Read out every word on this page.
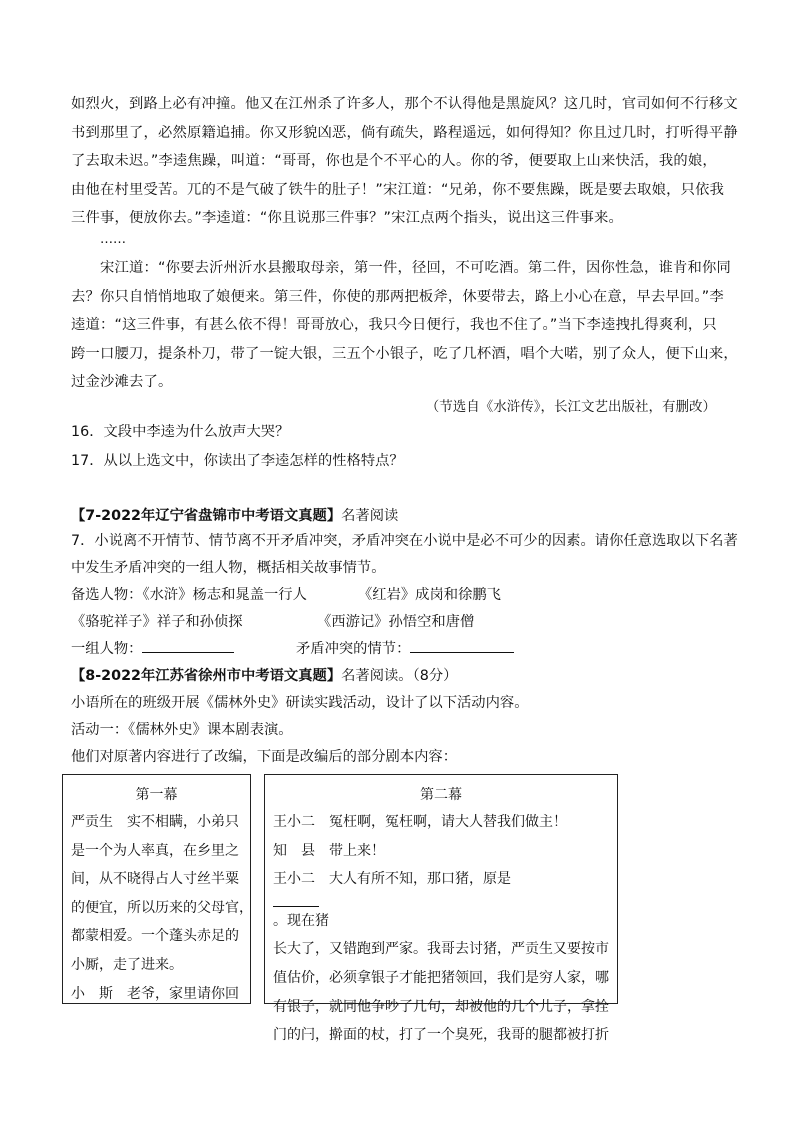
如烈火，到路上必有冲撞。他又在江州杀了许多人，那个不认得他是黑旋风？这几时，官司如何不行移文
书到那里了，必然原籍追捕。你又形貌凶恶，倘有疏失，路程遥远，如何得知？你且过几时，打听得平静
了去取未迟。”李逵焦躁，叫道：“哥哥，你也是个不平心的人。你的爷，便要取上山来快活，我的娘，
由他在村里受苦。兀的不是气破了铁牛的肚子！”宋江道：“兄弟，你不要焦躁，既是要去取娘，只依我
三件事，便放你去。”李逵道：“你且说那三件事？”宋江点两个指头，说出这三件事来。
……
宋江道：“你要去沂州沂水县搬取母亲，第一件，径回，不可吃酒。第二件，因你性急，谁肯和你同
去？你只自悄悄地取了娘便来。第三件，你使的那两把板斧，休要带去，路上小心在意，早去早回。”李
逵道：“这三件事，有甚么依不得！哥哥放心，我只今日便行，我也不住了。”当下李逵拽扎得爽利，只
跨一口腰刀，提条朴刀，带了一锭大银，三五个小银子，吃了几杯酒，唱个大喏，别了众人，便下山来，
过金沙滩去了。
（节选自《水浒传》，长江文艺出版社，有删改）
16．文段中李逵为什么放声大哭？
17．从以上选文中，你读出了李逵怎样的性格特点？
【7-2022年辽宁省盘锦市中考语文真题】名著阅读
7．小说离不开情节、情节离不开矛盾冲突，矛盾冲突在小说中是必不可少的因素。请你任意选取以下名著
中发生矛盾冲突的一组人物，概括相关故事情节。
备选人物：《水浒》杨志和晁盖一行人	《红岩》成岗和徐鹏飞
《骆驼祥子》祥子和孙侦探	《西游记》孙悟空和唐僧
一组人物：	矛盾冲突的情节：
【8-2022年江苏省徐州市中考语文真题】名著阅读。（8分）
小语所在的班级开展《儒林外史》研读实践活动，设计了以下活动内容。
活动一：《儒林外史》课本剧表演。
他们对原著内容进行了改编，下面是改编后的部分剧本内容：
第一幕
严贡生　实不相瞒，小弟只
是一个为人率真，在乡里之
间，从不晓得占人寸丝半粟
的便宜，所以历来的父母官，
都蒙相爱。一个蓬头赤足的
小厮，走了进来。
小　斯　老爷，家里请你回
第二幕
王小二　冤枉啊，冤枉啊，请大人替我们做主！
知　县　带上来！
王小二　大人有所不知，那口猪，原是
。现在猪
长大了，又错跑到严家。我哥去讨猪，严贡生又要按市
值估价，必须拿银子才能把猪领回，我们是穷人家，哪
有银子，就同他争吵了几句，却被他的几个儿子，拿拴
门的闩，擀面的杖，打了一个臭死，我哥的腿都被打折
